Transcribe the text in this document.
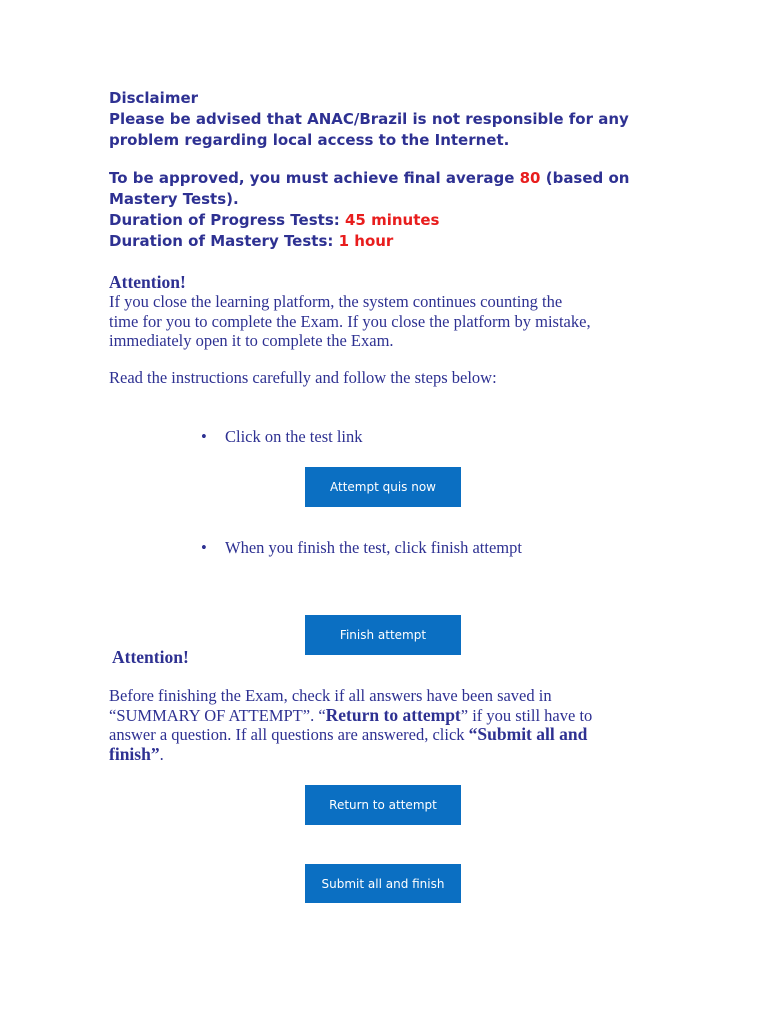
Disclaimer
Please be advised that ANAC/Brazil is not responsible for any
problem regarding local access to the Internet.
To be approved, you must achieve final average 80 (based on
Mastery Tests).
Duration of Progress Tests: 45 minutes
Duration of Mastery Tests: 1 hour
Attention!
If you close the learning platform, the system continues counting the
time for you to complete the Exam. If you close the platform by mistake,
immediately open it to complete the Exam.
Read the instructions carefully and follow the steps below:
• Click on the test link
Attempt quis now
• When you finish the test, click finish attempt
Finish attempt
Attention!
Before finishing the Exam, check if all answers have been saved in
“SUMMARY OF ATTEMPT”. “Return to attempt” if you still have to
answer a question. If all questions are answered, click “Submit all and
finish”.
Return to attempt
Submit all and finish
